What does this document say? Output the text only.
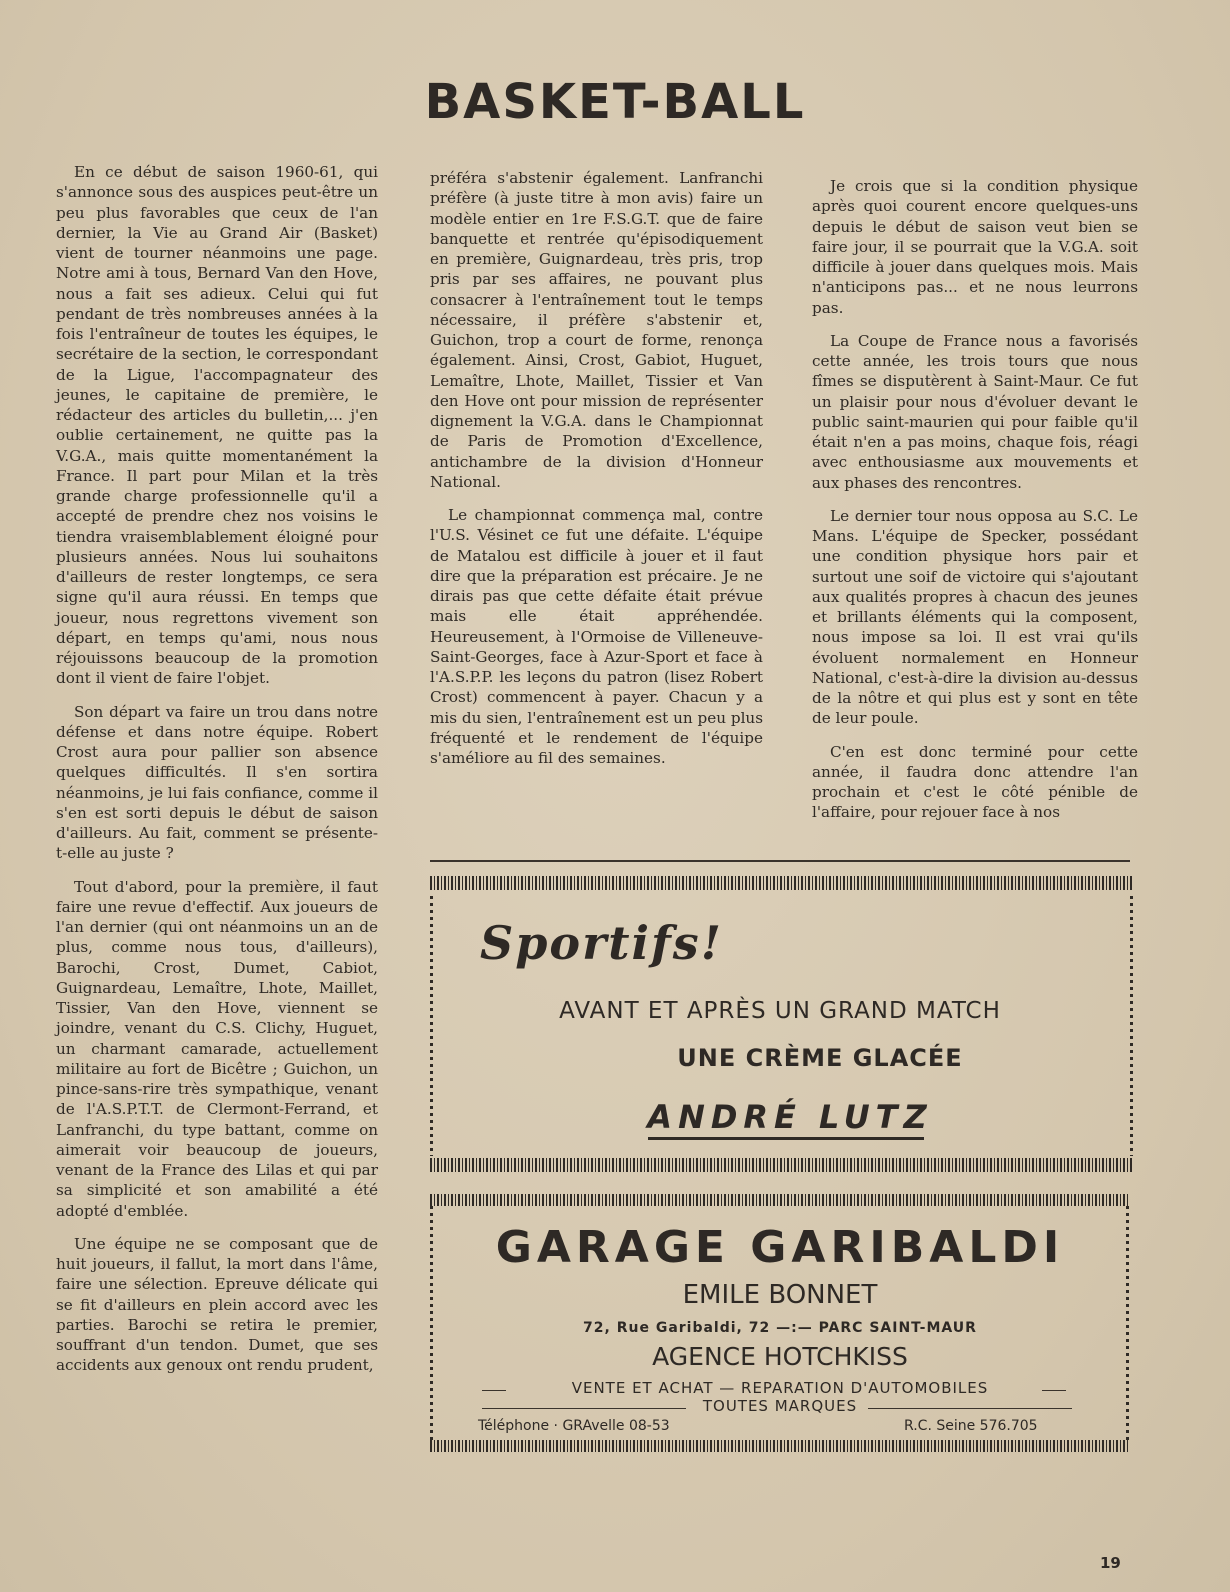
BASKET-BALL

En ce début de saison 1960-61, qui s'annonce sous des auspices peut-être un peu plus favorables que ceux de l'an dernier, la Vie au Grand Air (Basket) vient de tourner néanmoins une page. Notre ami à tous, Bernard Van den Hove, nous a fait ses adieux. Celui qui fut pendant de très nombreuses années à la fois l'entraîneur de toutes les équipes, le secrétaire de la section, le correspondant de la Ligue, l'accompagnateur des jeunes, le capitaine de première, le rédacteur des articles du bulletin,... j'en oublie certainement, ne quitte pas la V.G.A., mais quitte momentanément la France. Il part pour Milan et la très grande charge professionnelle qu'il a accepté de prendre chez nos voisins le tiendra vraisemblablement éloigné pour plusieurs années. Nous lui souhaitons d'ailleurs de rester longtemps, ce sera signe qu'il aura réussi. En temps que joueur, nous regrettons vivement son départ, en temps qu'ami, nous nous réjouissons beaucoup de la promotion dont il vient de faire l'objet.

Son départ va faire un trou dans notre défense et dans notre équipe. Robert Crost aura pour pallier son absence quelques difficultés. Il s'en sortira néanmoins, je lui fais confiance, comme il s'en est sorti depuis le début de saison d'ailleurs. Au fait, comment se présente-t-elle au juste ?

Tout d'abord, pour la première, il faut faire une revue d'effectif. Aux joueurs de l'an dernier (qui ont néanmoins un an de plus, comme nous tous, d'ailleurs), Barochi, Crost, Dumet, Cabiot, Guignardeau, Lemaître, Lhote, Maillet, Tissier, Van den Hove, viennent se joindre, venant du C.S. Clichy, Huguet, un charmant camarade, actuellement militaire au fort de Bicêtre ; Guichon, un pince-sans-rire très sympathique, venant de l'A.S.P.T.T. de Clermont-Ferrand, et Lanfranchi, du type battant, comme on aimerait voir beaucoup de joueurs, venant de la France des Lilas et qui par sa simplicité et son amabilité a été adopté d'emblée.

Une équipe ne se composant que de huit joueurs, il fallut, la mort dans l'âme, faire une sélection. Epreuve délicate qui se fit d'ailleurs en plein accord avec les parties. Barochi se retira le premier, souffrant d'un tendon. Dumet, que ses accidents aux genoux ont rendu prudent,

préféra s'abstenir également. Lanfranchi préfère (à juste titre à mon avis) faire un modèle entier en 1re F.S.G.T. que de faire banquette et rentrée qu'épisodiquement en première, Guignardeau, très pris, trop pris par ses affaires, ne pouvant plus consacrer à l'entraînement tout le temps nécessaire, il préfère s'abstenir et, Guichon, trop a court de forme, renonça également. Ainsi, Crost, Gabiot, Huguet, Lemaître, Lhote, Maillet, Tissier et Van den Hove ont pour mission de représenter dignement la V.G.A. dans le Championnat de Paris de Promotion d'Excellence, antichambre de la division d'Honneur National.

Le championnat commença mal, contre l'U.S. Vésinet ce fut une défaite. L'équipe de Matalou est difficile à jouer et il faut dire que la préparation est précaire. Je ne dirais pas que cette défaite était prévue mais elle était appréhendée. Heureusement, à l'Ormoise de Villeneuve-Saint-Georges, face à Azur-Sport et face à l'A.S.P.P. les leçons du patron (lisez Robert Crost) commencent à payer. Chacun y a mis du sien, l'entraînement est un peu plus fréquenté et le rendement de l'équipe s'améliore au fil des semaines.

Je crois que si la condition physique après quoi courent encore quelques-uns depuis le début de saison veut bien se faire jour, il se pourrait que la V.G.A. soit difficile à jouer dans quelques mois. Mais n'anticipons pas... et ne nous leurrons pas.

La Coupe de France nous a favorisés cette année, les trois tours que nous fîmes se disputèrent à Saint-Maur. Ce fut un plaisir pour nous d'évoluer devant le public saint-maurien qui pour faible qu'il était n'en a pas moins, chaque fois, réagi avec enthousiasme aux mouvements et aux phases des rencontres.

Le dernier tour nous opposa au S.C. Le Mans. L'équipe de Specker, possédant une condition physique hors pair et surtout une soif de victoire qui s'ajoutant aux qualités propres à chacun des jeunes et brillants éléments qui la composent, nous impose sa loi. Il est vrai qu'ils évoluent normalement en Honneur National, c'est-à-dire la division au-dessus de la nôtre et qui plus est y sont en tête de leur poule.

C'en est donc terminé pour cette année, il faudra donc attendre l'an prochain et c'est le côté pénible de l'affaire, pour rejouer face à nos

Sportifs!
AVANT ET APRÈS UN GRAND MATCH
UNE CRÈME GLACÉE
ANDRÉ LUTZ
GARAGE GARIBALDI
EMILE BONNET
72, Rue Garibaldi, 72 —:— PARC SAINT-MAUR
AGENCE HOTCHKISS
VENTE ET ACHAT — REPARATION D'AUTOMOBILES
TOUTES MARQUES
Téléphone · GRAvelle 08-53	R.C. Seine 576.705
19
